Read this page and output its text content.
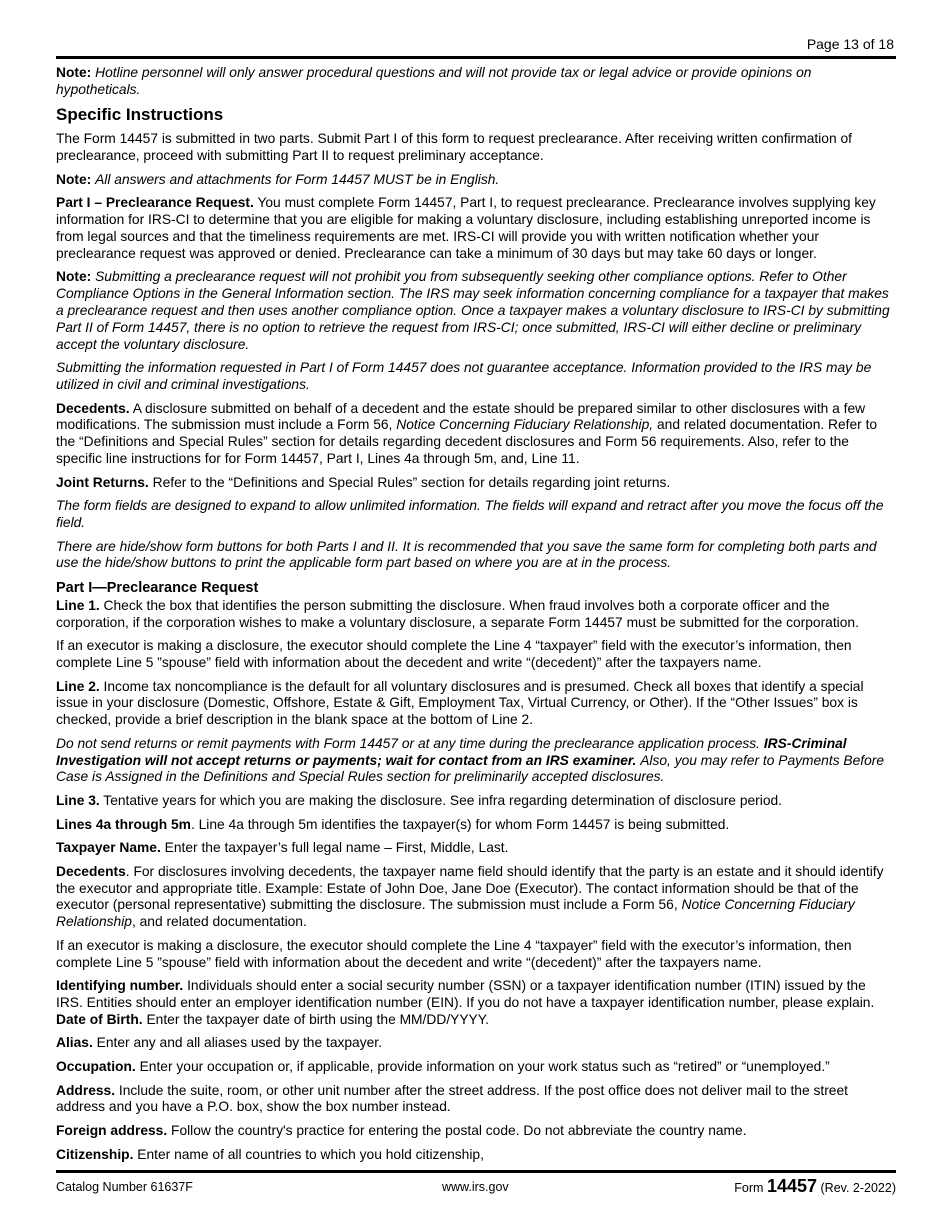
Page 13 of 18

Note: Hotline personnel will only answer procedural questions and will not provide tax or legal advice or provide opinions on hypotheticals.

Specific Instructions

The Form 14457 is submitted in two parts. Submit Part I of this form to request preclearance. After receiving written confirmation of preclearance, proceed with submitting Part II to request preliminary acceptance.

Note: All answers and attachments for Form 14457 MUST be in English.

Part I – Preclearance Request. You must complete Form 14457, Part I, to request preclearance. Preclearance involves supplying key information for IRS-CI to determine that you are eligible for making a voluntary disclosure, including establishing unreported income is from legal sources and that the timeliness requirements are met. IRS-CI will provide you with written notification whether your preclearance request was approved or denied. Preclearance can take a minimum of 30 days but may take 60 days or longer.

Note: Submitting a preclearance request will not prohibit you from subsequently seeking other compliance options. Refer to Other Compliance Options in the General Information section. The IRS may seek information concerning compliance for a taxpayer that makes a preclearance request and then uses another compliance option. Once a taxpayer makes a voluntary disclosure to IRS-CI by submitting Part II of Form 14457, there is no option to retrieve the request from IRS-CI; once submitted, IRS-CI will either decline or preliminary accept the voluntary disclosure.

Submitting the information requested in Part I of Form 14457 does not guarantee acceptance. Information provided to the IRS may be utilized in civil and criminal investigations.

Decedents. A disclosure submitted on behalf of a decedent and the estate should be prepared similar to other disclosures with a few modifications. The submission must include a Form 56, Notice Concerning Fiduciary Relationship, and related documentation. Refer to the “Definitions and Special Rules” section for details regarding decedent disclosures and Form 56 requirements. Also, refer to the specific line instructions for for Form 14457, Part I, Lines 4a through 5m, and, Line 11.

Joint Returns. Refer to the “Definitions and Special Rules” section for details regarding joint returns.

The form fields are designed to expand to allow unlimited information. The fields will expand and retract after you move the focus off the field.

There are hide/show form buttons for both Parts I and II. It is recommended that you save the same form for completing both parts and use the hide/show buttons to print the applicable form part based on where you are at in the process.

Part I—Preclearance Request

Line 1. Check the box that identifies the person submitting the disclosure. When fraud involves both a corporate officer and the corporation, if the corporation wishes to make a voluntary disclosure, a separate Form 14457 must be submitted for the corporation.

If an executor is making a disclosure, the executor should complete the Line 4 “taxpayer” field with the executor’s information, then complete Line 5 ”spouse” field with information about the decedent and write “(decedent)” after the taxpayers name.

Line 2. Income tax noncompliance is the default for all voluntary disclosures and is presumed. Check all boxes that identify a special issue in your disclosure (Domestic, Offshore, Estate & Gift, Employment Tax, Virtual Currency, or Other). If the “Other Issues” box is checked, provide a brief description in the blank space at the bottom of Line 2.

Do not send returns or remit payments with Form 14457 or at any time during the preclearance application process. IRS-Criminal Investigation will not accept returns or payments; wait for contact from an IRS examiner. Also, you may refer to Payments Before Case is Assigned in the Definitions and Special Rules section for preliminarily accepted disclosures.

Line 3. Tentative years for which you are making the disclosure. See infra regarding determination of disclosure period.

Lines 4a through 5m. Line 4a through 5m identifies the taxpayer(s) for whom Form 14457 is being submitted.

Taxpayer Name. Enter the taxpayer’s full legal name – First, Middle, Last.

Decedents. For disclosures involving decedents, the taxpayer name field should identify that the party is an estate and it should identify the executor and appropriate title. Example: Estate of John Doe, Jane Doe (Executor). The contact information should be that of the executor (personal representative) submitting the disclosure. The submission must include a Form 56, Notice Concerning Fiduciary Relationship, and related documentation.

If an executor is making a disclosure, the executor should complete the Line 4 “taxpayer” field with the executor’s information, then complete Line 5 ”spouse” field with information about the decedent and write “(decedent)” after the taxpayers name.

Identifying number. Individuals should enter a social security number (SSN) or a taxpayer identification number (ITIN) issued by the IRS. Entities should enter an employer identification number (EIN). If you do not have a taxpayer identification number, please explain.

Date of Birth. Enter the taxpayer date of birth using the MM/DD/YYYY.

Alias. Enter any and all aliases used by the taxpayer.

Occupation. Enter your occupation or, if applicable, provide information on your work status such as “retired” or “unemployed.”

Address. Include the suite, room, or other unit number after the street address. If the post office does not deliver mail to the street address and you have a P.O. box, show the box number instead.

Foreign address. Follow the country's practice for entering the postal code. Do not abbreviate the country name.

Citizenship. Enter name of all countries to which you hold citizenship,

Catalog Number 61637F	www.irs.gov	Form 14457 (Rev. 2-2022)
